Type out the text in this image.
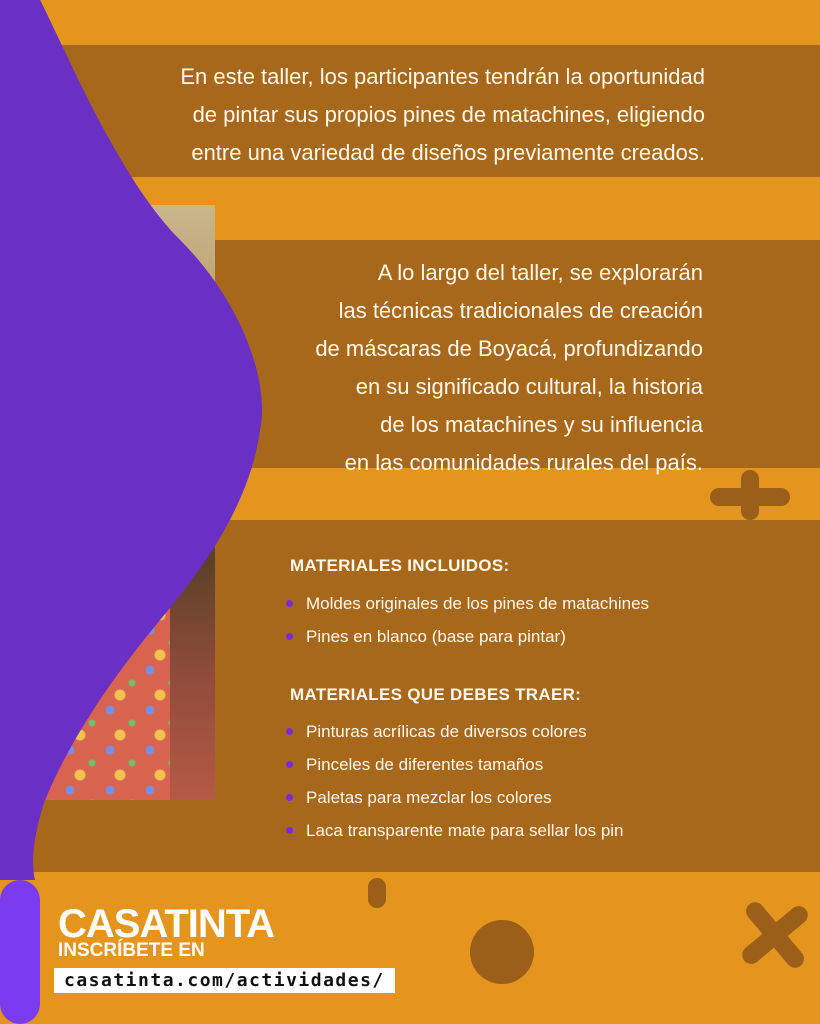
En este taller, los participantes tendrán la oportunidad
de pintar sus propios pines de matachines, eligiendo
entre una variedad de diseños previamente creados.
A lo largo del taller, se explorarán
las técnicas tradicionales de creación
de máscaras de Boyacá, profundizando
en su significado cultural, la historia
de los matachines y su influencia
en las comunidades rurales del país.
MATERIALES INCLUIDOS:
Moldes originales de los pines de matachines
Pines en blanco (base para pintar)
MATERIALES QUE DEBES TRAER:
Pinturas acrílicas de diversos colores
Pinceles de diferentes tamaños
Paletas para mezclar los colores
Laca transparente mate para sellar los pin
CASATINTA
INSCRÍBETE EN
casatinta.com/actividades/
